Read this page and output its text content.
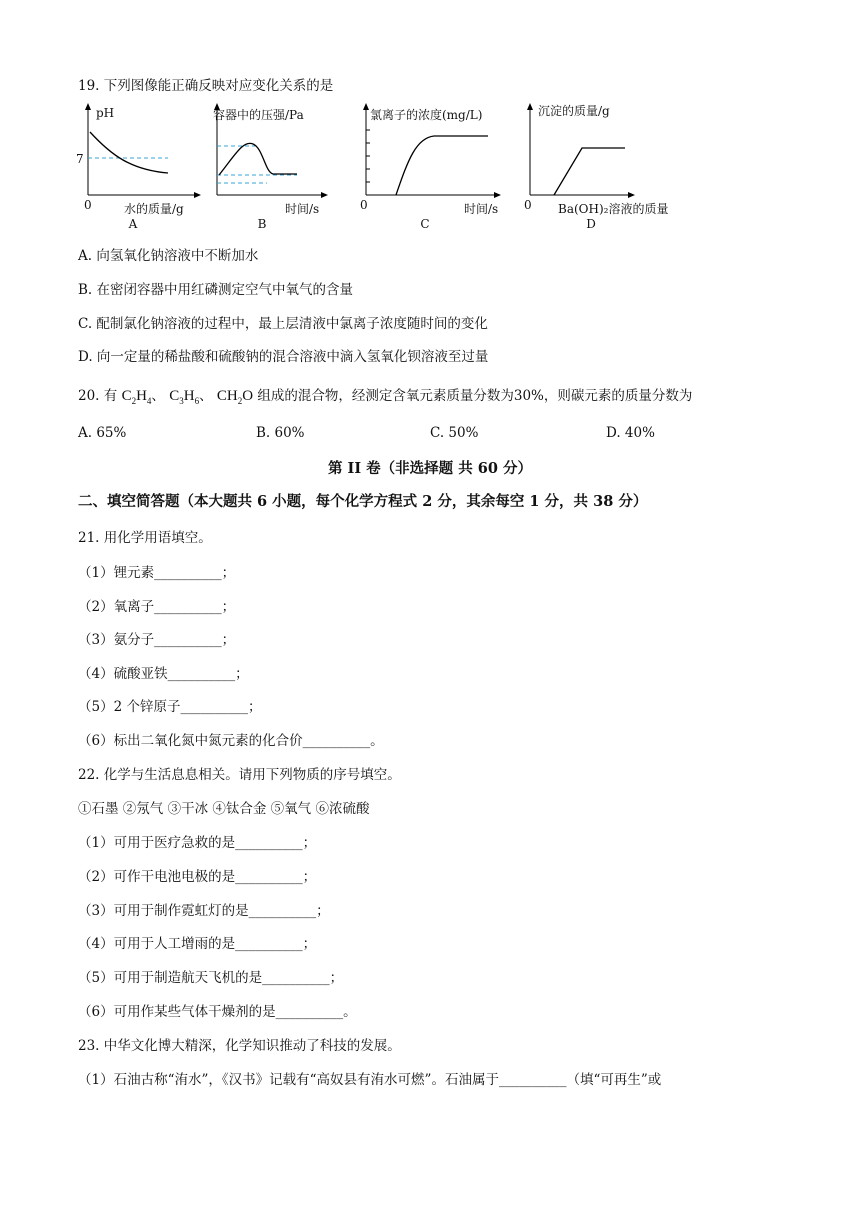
19. 下列图像能正确反映对应变化关系的是
pH
7
0	水的质量/g
A
容器中的压强/Pa
时间/s
B
氯离子的浓度(mg/L)
0	时间/s
C
沉淀的质量/g
0 Ba(OH)₂溶液的质量
D
A. 向氢氧化钠溶液中不断加水
B. 在密闭容器中用红磷测定空气中氧气的含量
C. 配制氯化钠溶液的过程中，最上层清液中氯离子浓度随时间的变化
D. 向一定量的稀盐酸和硫酸钠的混合溶液中滴入氢氧化钡溶液至过量
20. 有 $C_2H_4$、 $C_3H_6$、 $CH_2O$ 组成的混合物，经测定含氧元素质量分数为30%，则碳元素的质量分数为
A. 65%	B. 60%	C. 50%	D. 40%
第 II 卷（非选择题 共 60 分）
二、填空简答题（本大题共 6 小题，每个化学方程式 2 分，其余每空 1 分，共 38 分）
21. 用化学用语填空。
（1）锂元素__________；
（2）氧离子__________；
（3）氨分子__________；
（4）硫酸亚铁__________；
（5）2 个锌原子__________；
（6）标出二氧化氮中氮元素的化合价__________。
22. 化学与生活息息相关。请用下列物质的序号填空。
①石墨 ②氖气 ③干冰 ④钛合金 ⑤氧气 ⑥浓硫酸
（1）可用于医疗急救的是__________；
（2）可作干电池电极的是__________；
（3）可用于制作霓虹灯的是__________；
（4）可用于人工增雨的是__________；
（5）可用于制造航天飞机的是__________；
（6）可用作某些气体干燥剂的是__________。
23. 中华文化博大精深，化学知识推动了科技的发展。
（1）石油古称“洧水”，《汉书》记载有“高奴县有洧水可燃”。石油属于__________（填“可再生”或
